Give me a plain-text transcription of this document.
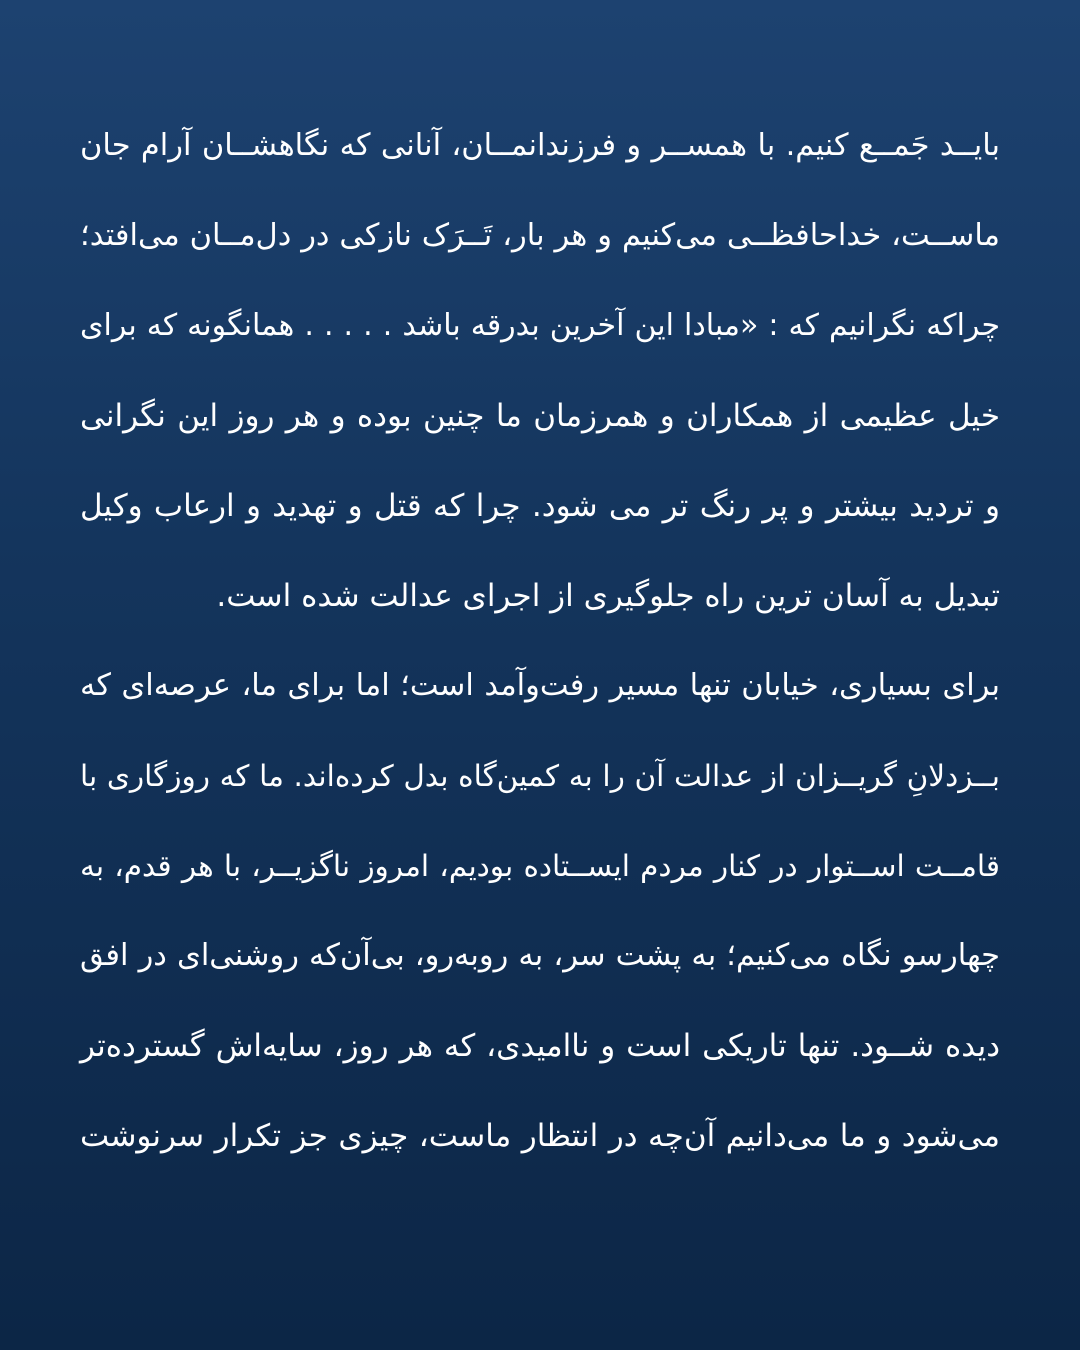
بایــد جَمــع کنیم. با همســر و فرزندانمــان، آنانی که نگاهشــان آرام جان
ماســت، خداحافظــی می‌کنیم و هر بار، تَــرَک نازکی در دل‌مــان می‌افتد؛
چراکه نگرانیم که : «مبادا این آخرین بدرقه باشد . . . . . همانگونه که برای
خیل عظیمی از همکاران و همرزمان ما چنین بوده و هر روز این نگرانی
و تردید بیشتر و پر رنگ تر می شود. چرا که قتل و تهدید و ارعاب وکیل
تبدیل به آسان ترین راه جلوگیری از اجرای عدالت شده است.
برای بسیاری، خیابان تنها مسیر رفت‌وآمد است؛ اما برای ما، عرصه‌ای که
بــزدلانِ گریــزان از عدالت آن را به کمین‌گاه بدل کرده‌اند. ما که روزگاری با
قامــت اســتوار در کنار مردم ایســتاده بودیم، امروز ناگزیــر، با هر قدم، به
چهارسو نگاه می‌کنیم؛ به پشت سر، به روبه‌رو، بی‌آن‌که روشنی‌ای در افق
دیده شــود. تنها تاریکی است و ناامیدی، که هر روز، سایه‌اش گسترده‌تر
می‌شود و ما می‌دانیم آن‌چه در انتظار ماست، چیزی جز تکرار سرنوشت
